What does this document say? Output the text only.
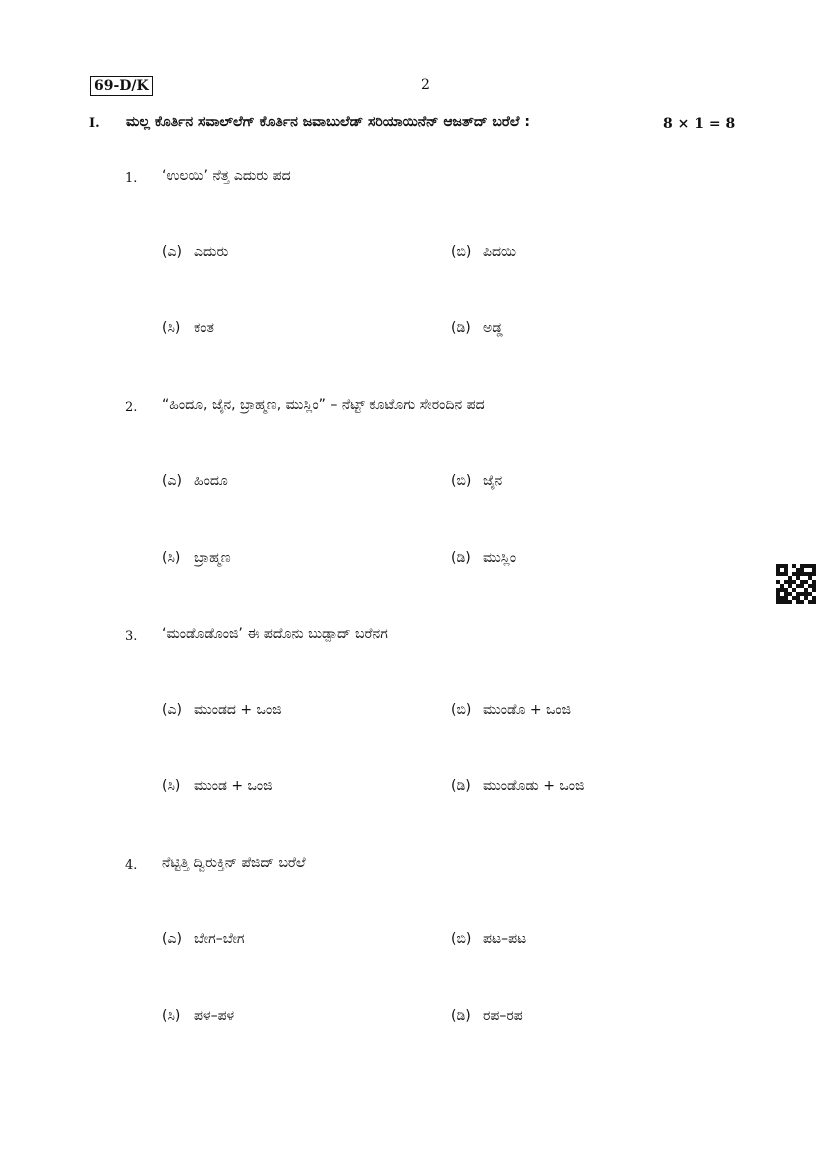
69-D/K	2
I. ಮಲ್ಲ ಕೊರ್ತಿನ ಸವಾಲ್‌ಲೆಗ್ ಕೊರ್ತಿನ ಜವಾಬುಲೆಡ್ ಸರಿಯಾಯಿನೆನ್ ಆಜತ್‌ದ್ ಬರೆಲೆ :	8 × 1 = 8
1. ‘ಉಲಯಿ’ ನೆತ್ತ ಎದುರು ಪದ
(ಎ) ಎದುರು	(ಬಿ) ಪಿದಯಿ
(ಸಿ) ಕಂತ	(ಡಿ) ಅಡ್ಡ
2. “ಹಿಂದೂ, ಜೈನ, ಬ್ರಾಹ್ಮಣ, ಮುಸ್ಲಿಂ” – ನೆಟ್ಟ್ ಕೂಟೊಗು ಸೇರಂದಿನ ಪದ
(ಎ) ಹಿಂದೂ	(ಬಿ) ಜೈನ
(ಸಿ) ಬ್ರಾಹ್ಮಣ	(ಡಿ) ಮುಸ್ಲಿಂ
3. ‘ಮಂಡೊಡೊಂಜಿ’ ಈ ಪದೊನು ಬುಡ್ಪಾದ್ ಬರೆನಗ
(ಎ) ಮುಂಡದ + ಒಂಜಿ	(ಬಿ) ಮುಂಡೊ + ಒಂಜಿ
(ಸಿ) ಮುಂಡ + ಒಂಜಿ	(ಡಿ) ಮುಂಡೊಡು + ಒಂಜಿ
4. ನೆಟ್ಟಿತ್ತಿ ದ್ವಿರುಕ್ತಿನ್ ಪೆಜಿದ್ ಬರೆಲೆ
(ಎ) ಬೇಗ–ಬೇಗ	(ಬಿ) ಪಟ–ಪಟ
(ಸಿ) ಪಳ–ಪಳ	(ಡಿ) ರಪ–ರಪ
